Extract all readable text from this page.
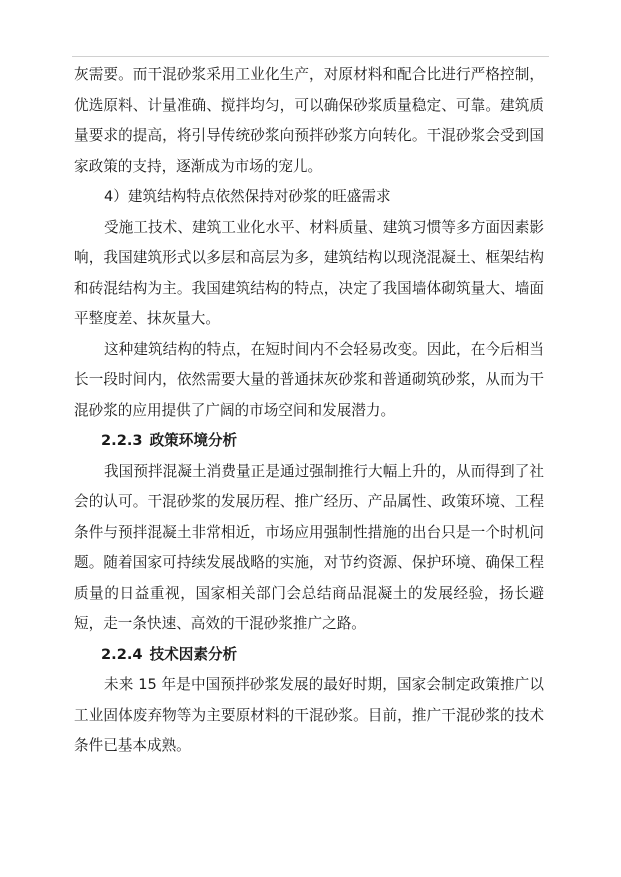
灰需要。而干混砂浆采用工业化生产，对原材料和配合比进行严格控制，优选原料、计量准确、搅拌均匀，可以确保砂浆质量稳定、可靠。建筑质量要求的提高，将引导传统砂浆向预拌砂浆方向转化。干混砂浆会受到国家政策的支持，逐渐成为市场的宠儿。

4）建筑结构特点依然保持对砂浆的旺盛需求

受施工技术、建筑工业化水平、材料质量、建筑习惯等多方面因素影响，我国建筑形式以多层和高层为多，建筑结构以现浇混凝土、框架结构和砖混结构为主。我国建筑结构的特点，决定了我国墙体砌筑量大、墙面平整度差、抹灰量大。

这种建筑结构的特点，在短时间内不会轻易改变。因此，在今后相当长一段时间内，依然需要大量的普通抹灰砂浆和普通砌筑砂浆，从而为干混砂浆的应用提供了广阔的市场空间和发展潜力。

2.2.3 政策环境分析

我国预拌混凝土消费量正是通过强制推行大幅上升的，从而得到了社会的认可。干混砂浆的发展历程、推广经历、产品属性、政策环境、工程条件与预拌混凝土非常相近，市场应用强制性措施的出台只是一个时机问题。随着国家可持续发展战略的实施，对节约资源、保护环境、确保工程质量的日益重视，国家相关部门会总结商品混凝土的发展经验，扬长避短，走一条快速、高效的干混砂浆推广之路。

2.2.4 技术因素分析

未来 15 年是中国预拌砂浆发展的最好时期，国家会制定政策推广以工业固体废弃物等为主要原材料的干混砂浆。目前，推广干混砂浆的技术条件已基本成熟。
